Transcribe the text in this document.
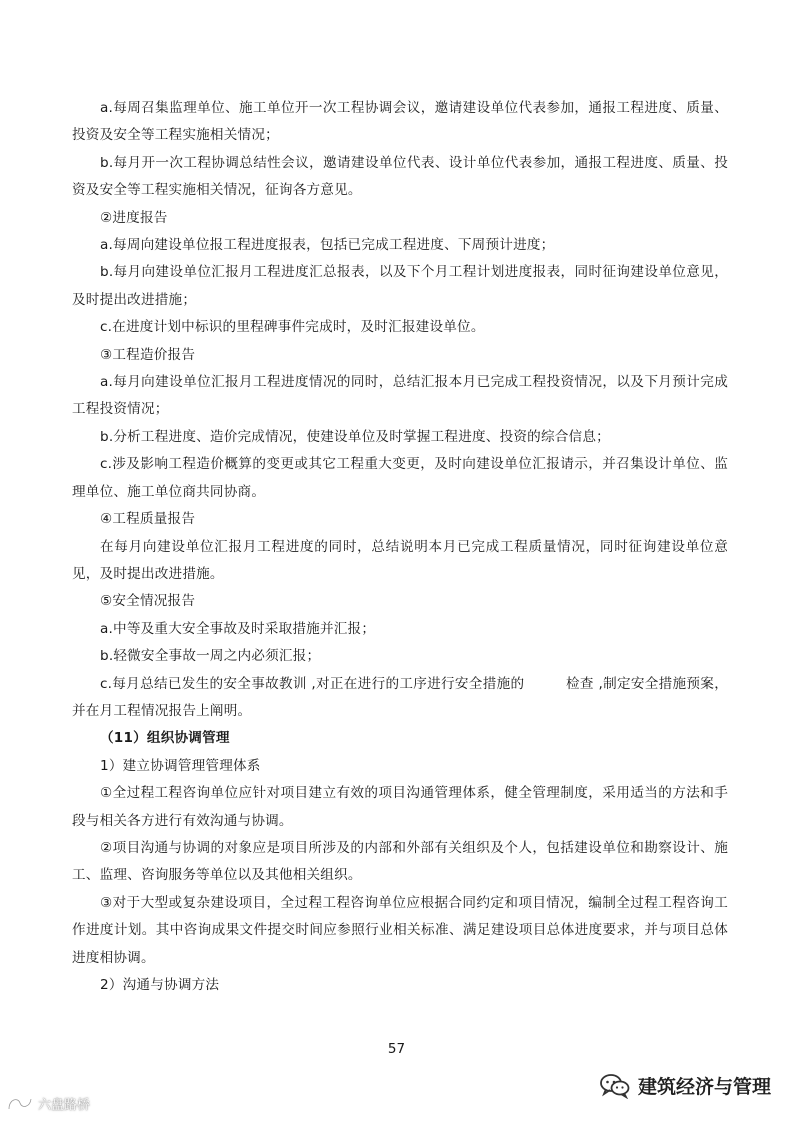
a.每周召集监理单位、施工单位开一次工程协调会议，邀请建设单位代表参加，通报工程进度、质量、投资及安全等工程实施相关情况；

b.每月开一次工程协调总结性会议，邀请建设单位代表、设计单位代表参加，通报工程进度、质量、投资及安全等工程实施相关情况，征询各方意见。

②进度报告

a.每周向建设单位报工程进度报表，包括已完成工程进度、下周预计进度；

b.每月向建设单位汇报月工程进度汇总报表，以及下个月工程计划进度报表，同时征询建设单位意见，及时提出改进措施；

c.在进度计划中标识的里程碑事件完成时，及时汇报建设单位。

③工程造价报告

a.每月向建设单位汇报月工程进度情况的同时，总结汇报本月已完成工程投资情况，以及下月预计完成工程投资情况；

b.分析工程进度、造价完成情况，使建设单位及时掌握工程进度、投资的综合信息；

c.涉及影响工程造价概算的变更或其它工程重大变更，及时向建设单位汇报请示，并召集设计单位、监理单位、施工单位商共同协商。

④工程质量报告

在每月向建设单位汇报月工程进度的同时，总结说明本月已完成工程质量情况，同时征询建设单位意见，及时提出改进措施。

⑤安全情况报告

a.中等及重大安全事故及时采取措施并汇报；

b.轻微安全事故一周之内必须汇报；

c.每月总结已发生的安全事故教训 ,对正在进行的工序进行安全措施的　　　检查 ,制定安全措施预案，并在月工程情况报告上阐明。

（11）组织协调管理

1）建立协调管理管理体系

①全过程工程咨询单位应针对项目建立有效的项目沟通管理体系，健全管理制度，采用适当的方法和手段与相关各方进行有效沟通与协调。

②项目沟通与协调的对象应是项目所涉及的内部和外部有关组织及个人，包括建设单位和勘察设计、施工、监理、咨询服务等单位以及其他相关组织。

③对于大型或复杂建设项目，全过程工程咨询单位应根据合同约定和项目情况，编制全过程工程咨询工作进度计划。其中咨询成果文件提交时间应参照行业相关标准、满足建设项目总体进度要求，并与项目总体进度相协调。

2）沟通与协调方法

57
建筑经济与管理
六盘路桥
